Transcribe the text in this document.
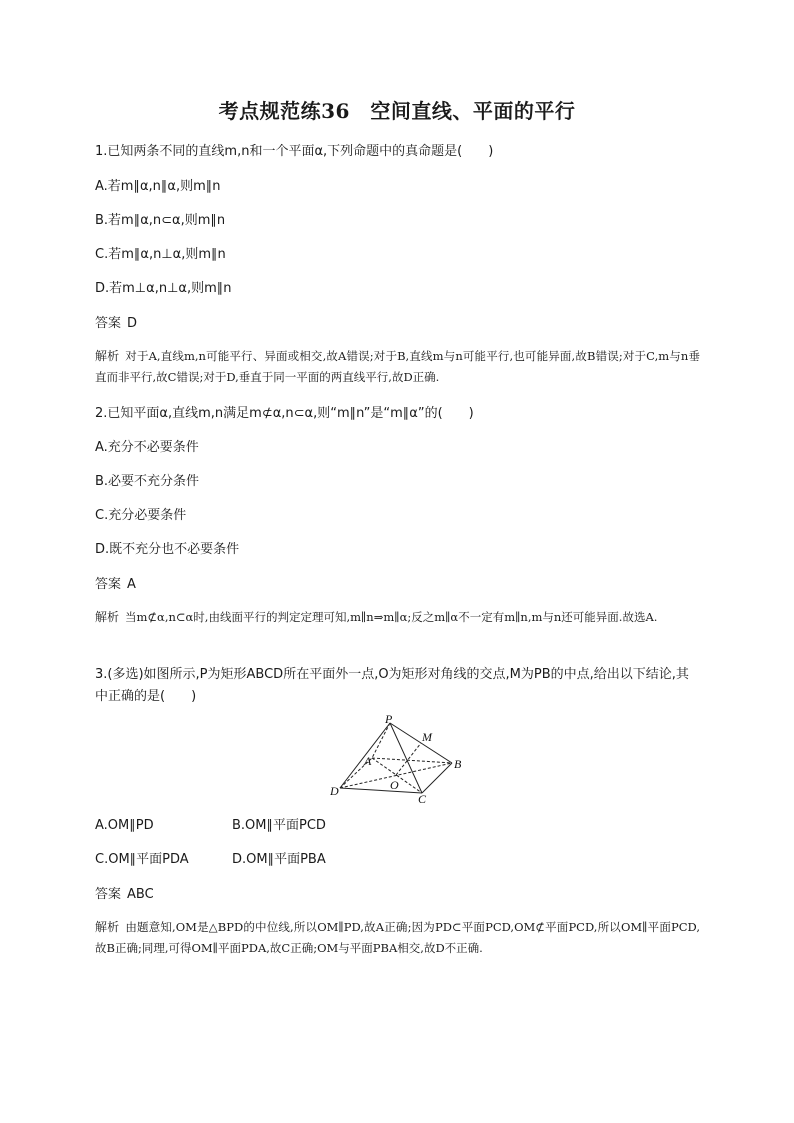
考点规范练36　空间直线、平面的平行
1.已知两条不同的直线m,n和一个平面α,下列命题中的真命题是(　　)
A.若m∥α,n∥α,则m∥n
B.若m∥α,n⊂α,则m∥n
C.若m∥α,n⊥α,则m∥n
D.若m⊥α,n⊥α,则m∥n
答案 D
解析 对于A,直线m,n可能平行、异面或相交,故A错误;对于B,直线m与n可能平行,也可能异面,故B错误;对于C,m与n垂直而非平行,故C错误;对于D,垂直于同一平面的两直线平行,故D正确.
2.已知平面α,直线m,n满足m⊄α,n⊂α,则“m∥n”是“m∥α”的(　　)
A.充分不必要条件
B.必要不充分条件
C.充分必要条件
D.既不充分也不必要条件
答案 A
解析 当m⊄α,n⊂α时,由线面平行的判定定理可知,m∥n⇒m∥α;反之m∥α不一定有m∥n,m与n还可能异面.故选A.
3.(多选)如图所示,P为矩形ABCD所在平面外一点,O为矩形对角线的交点,M为PB的中点,给出以下结论,其中正确的是(　　)
P
M
A	B
O
D
C
A.OM∥PD	B.OM∥平面PCD
C.OM∥平面PDA	D.OM∥平面PBA
答案 ABC
解析 由题意知,OM是△BPD的中位线,所以OM∥PD,故A正确;因为PD⊂平面PCD,OM⊄平面PCD,所以OM∥平面PCD,故B正确;同理,可得OM∥平面PDA,故C正确;OM与平面PBA相交,故D不正确.
